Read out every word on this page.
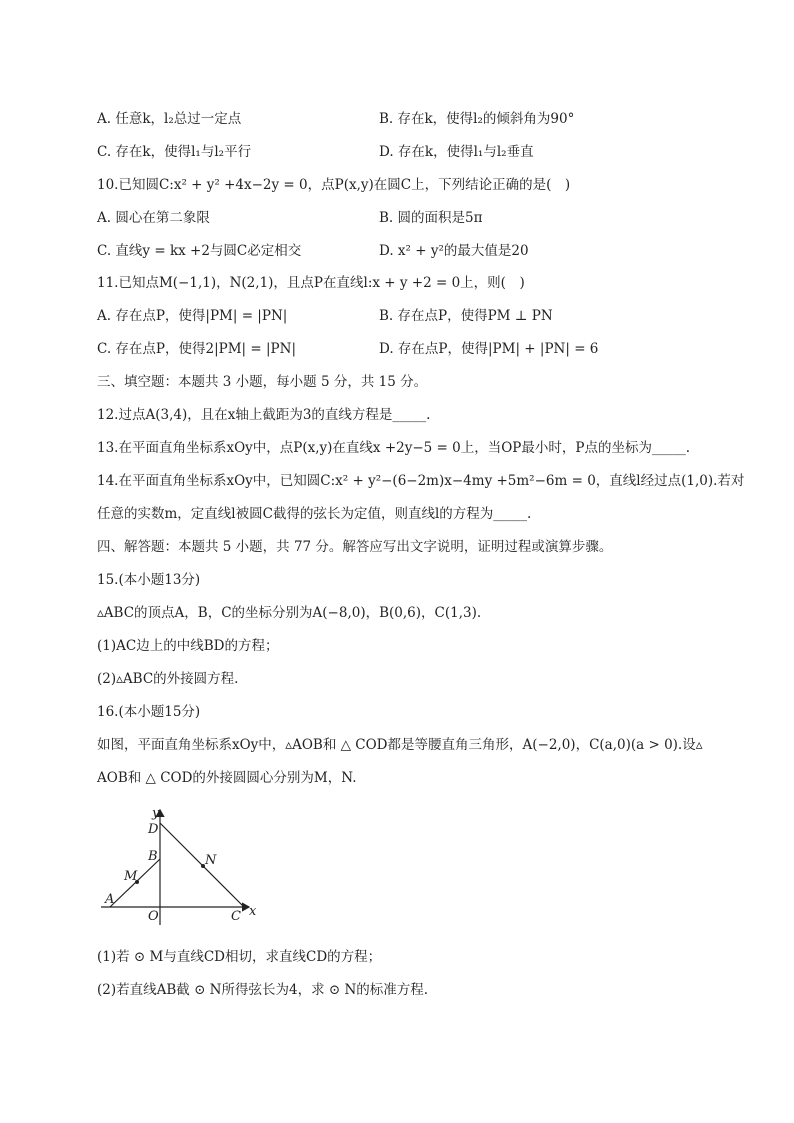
A. 任意k，l₂总过一定点	B. 存在k，使得l₂的倾斜角为90°
C. 存在k，使得l₁与l₂平行	D. 存在k，使得l₁与l₂垂直
10.已知圆C:x² + y² +4x−2y = 0，点P(x,y)在圆C上，下列结论正确的是(　)
A. 圆心在第二象限	B. 圆的面积是5π
C. 直线y = kx +2与圆C必定相交	D. x² + y²的最大值是20
11.已知点M(−1,1)，N(2,1)，且点P在直线l:x + y +2 = 0上，则(　)
A. 存在点P，使得|PM| = |PN|	B. 存在点P，使得PM ⊥ PN
C. 存在点P，使得2|PM| = |PN|	D. 存在点P，使得|PM| + |PN| = 6
三、填空题：本题共 3 小题，每小题 5 分，共 15 分。
12.过点A(3,4)，且在x轴上截距为3的直线方程是_____.
13.在平面直角坐标系xOy中，点P(x,y)在直线x +2y−5 = 0上，当OP最小时，P点的坐标为_____.
14.在平面直角坐标系xOy中，已知圆C:x² + y²−(6−2m)x−4my +5m²−6m = 0，直线l经过点(1,0).若对
任意的实数m，定直线l被圆C截得的弦长为定值，则直线l的方程为_____.
四、解答题：本题共 5 小题，共 77 分。解答应写出文字说明，证明过程或演算步骤。
15.(本小题13分)
▵ABC的顶点A，B，C的坐标分别为A(−8,0)，B(0,6)，C(1,3).
(1)AC边上的中线BD的方程；
(2)▵ABC的外接圆方程.
16.(本小题15分)
如图，平面直角坐标系xOy中，▵AOB和 △ COD都是等腰直角三角形，A(−2,0)，C(a,0)(a > 0).设▵
AOB和 △ COD的外接圆圆心分别为M，N.
y
x
D
B	N
M
A
O	C
(1)若 ⊙ M与直线CD相切，求直线CD的方程；
(2)若直线AB截 ⊙ N所得弦长为4，求 ⊙ N的标准方程.
